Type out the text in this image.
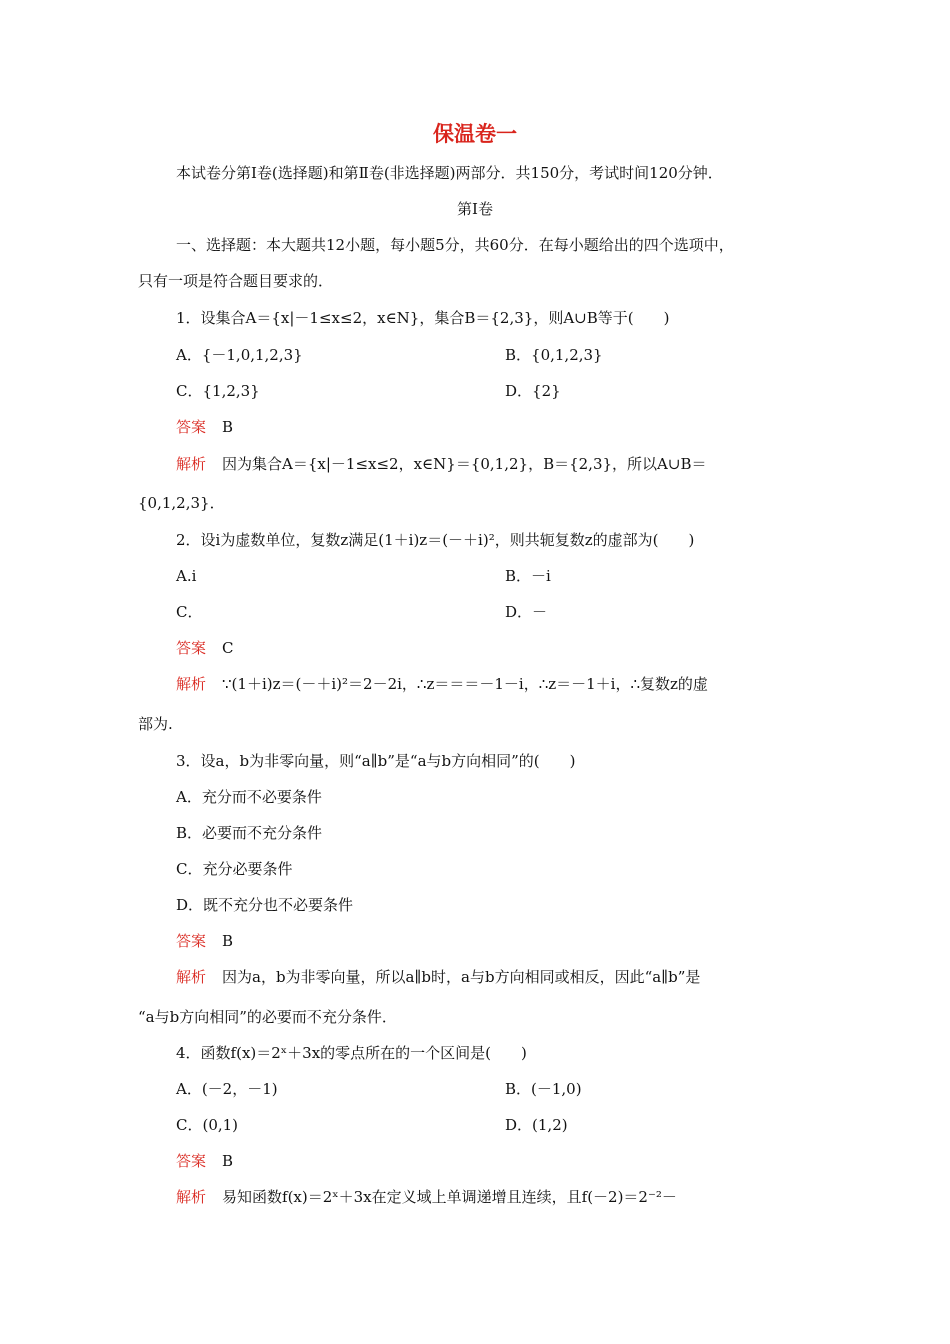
保温卷一
本试卷分第Ⅰ卷(选择题)和第Ⅱ卷(非选择题)两部分．共150分，考试时间120分钟．
第Ⅰ卷
一、选择题：本大题共12小题，每小题5分，共60分．在每小题给出的四个选项中，
只有一项是符合题目要求的．
1．设集合A＝{x|－1≤x≤2，x∈N}，集合B＝{2,3}，则A∪B等于(　　)
A．{－1,0,1,2,3}	B．{0,1,2,3}
C．{1,2,3}	D．{2}
答案 B
解析 因为集合A＝{x|－1≤x≤2，x∈N}＝{0,1,2}，B＝{2,3}，所以A∪B＝
{0,1,2,3}．
2．设i为虚数单位，复数z满足(1＋i)z＝(－＋i)²，则共轭复数z的虚部为(　　)
A.i	B．－i
C．	D．－
答案 C
解析 ∵(1＋i)z＝(－＋i)²＝2－2i，∴z＝＝＝－1－i，∴z＝－1＋i，∴复数z的虚
部为.
3．设a，b为非零向量，则“a∥b”是“a与b方向相同”的(　　)
A．充分而不必要条件
B．必要而不充分条件
C．充分必要条件
D．既不充分也不必要条件
答案 B
解析 因为a，b为非零向量，所以a∥b时，a与b方向相同或相反，因此“a∥b”是
“a与b方向相同”的必要而不充分条件．
4．函数f(x)＝2ˣ＋3x的零点所在的一个区间是(　　)
A．(－2，－1)	B．(－1,0)
C．(0,1)	D．(1,2)
答案 B
解析 易知函数f(x)＝2ˣ＋3x在定义域上单调递增且连续，且f(－2)＝2⁻²－
